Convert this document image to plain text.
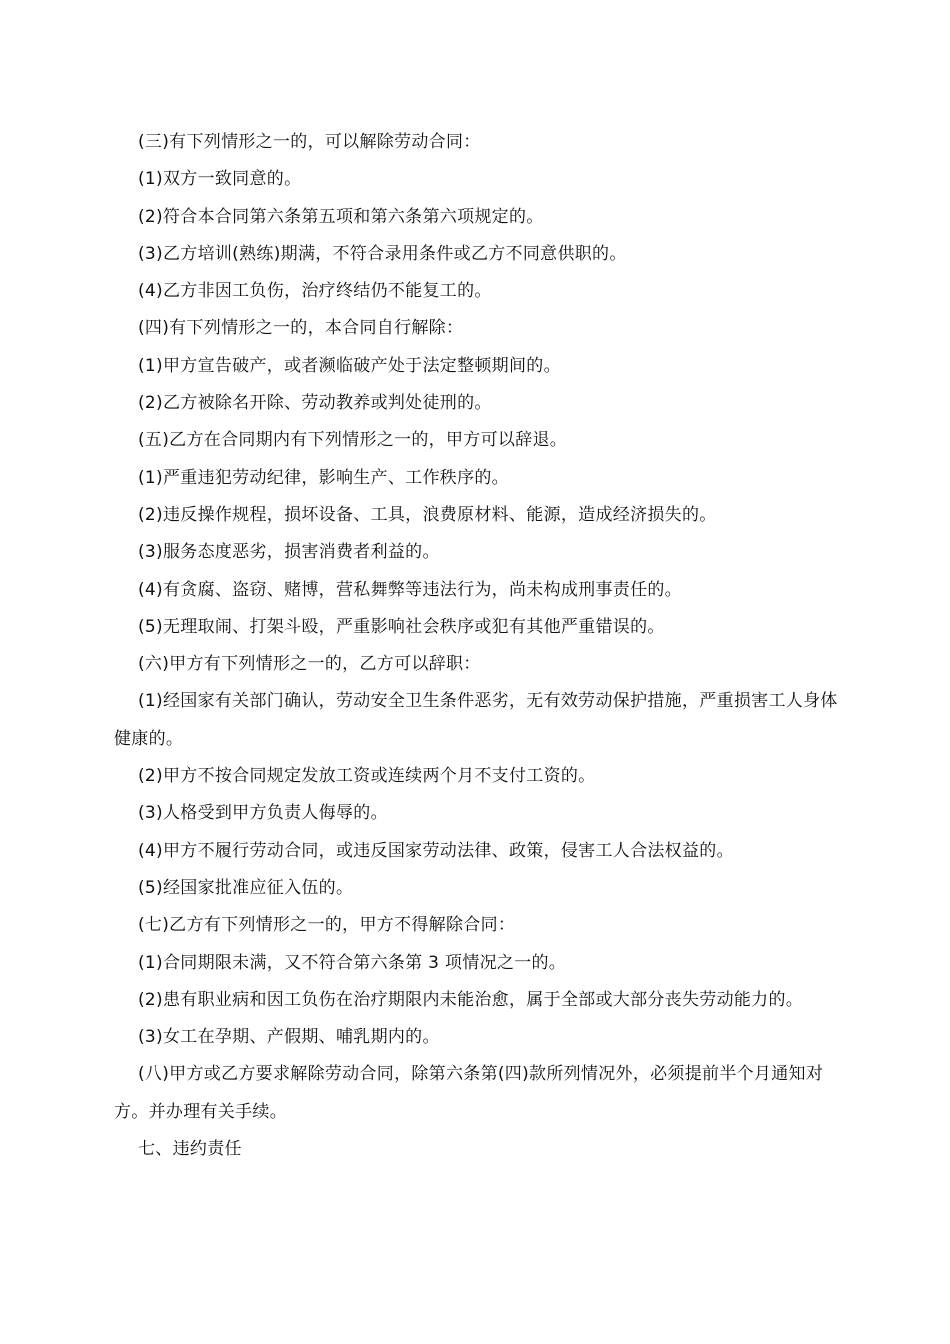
(三)有下列情形之一的，可以解除劳动合同：

(1)双方一致同意的。

(2)符合本合同第六条第五项和第六条第六项规定的。

(3)乙方培训(熟练)期满，不符合录用条件或乙方不同意供职的。

(4)乙方非因工负伤，治疗终结仍不能复工的。

(四)有下列情形之一的，本合同自行解除：

(1)甲方宣告破产，或者濒临破产处于法定整顿期间的。

(2)乙方被除名开除、劳动教养或判处徒刑的。

(五)乙方在合同期内有下列情形之一的，甲方可以辞退。

(1)严重违犯劳动纪律，影响生产、工作秩序的。

(2)违反操作规程，损坏设备、工具，浪费原材料、能源，造成经济损失的。

(3)服务态度恶劣，损害消费者利益的。

(4)有贪腐、盗窃、赌博，营私舞弊等违法行为，尚未构成刑事责任的。

(5)无理取闹、打架斗殴，严重影响社会秩序或犯有其他严重错误的。

(六)甲方有下列情形之一的，乙方可以辞职：

(1)经国家有关部门确认，劳动安全卫生条件恶劣，无有效劳动保护措施，严重损害工人身体健康的。

(2)甲方不按合同规定发放工资或连续两个月不支付工资的。

(3)人格受到甲方负责人侮辱的。

(4)甲方不履行劳动合同，或违反国家劳动法律、政策，侵害工人合法权益的。

(5)经国家批准应征入伍的。

(七)乙方有下列情形之一的，甲方不得解除合同：

(1)合同期限未满，又不符合第六条第 3 项情况之一的。

(2)患有职业病和因工负伤在治疗期限内未能治愈，属于全部或大部分丧失劳动能力的。

(3)女工在孕期、产假期、哺乳期内的。

(八)甲方或乙方要求解除劳动合同，除第六条第(四)款所列情况外，必须提前半个月通知对方。并办理有关手续。

七、违约责任
